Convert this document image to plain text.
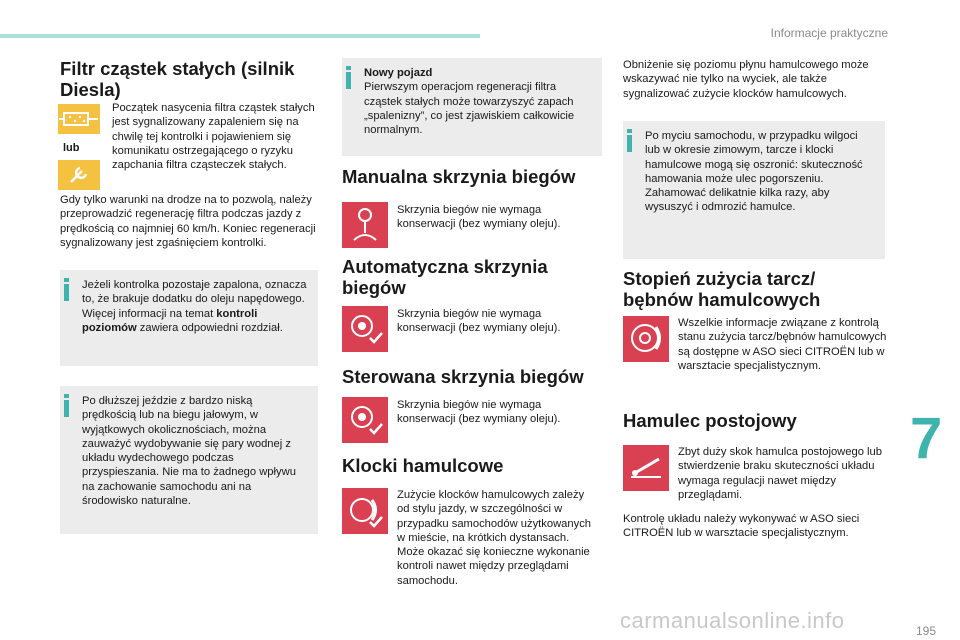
Informacje praktyczne
Filtr cząstek stałych (silnik Diesla)
lub
Początek nasycenia filtra cząstek stałych jest sygnalizowany zapaleniem się na chwilę tej kontrolki i pojawieniem się komunikatu ostrzegającego o ryzyku zapchania filtra cząsteczek stałych.
Gdy tylko warunki na drodze na to pozwolą, należy przeprowadzić regenerację filtra podczas jazdy z prędkością co najmniej 60 km/h. Koniec regeneracji sygnalizowany jest zgaśnięciem kontrolki.
Jeżeli kontrolka pozostaje zapalona, oznacza to, że brakuje dodatku do oleju napędowego.
Więcej informacji na temat kontroli poziomów zawiera odpowiedni rozdział.
Po dłuższej jeździe z bardzo niską prędkością lub na biegu jałowym, w wyjątkowych okolicznościach, można zauważyć wydobywanie się pary wodnej z układu wydechowego podczas przyspieszania. Nie ma to żadnego wpływu na zachowanie samochodu ani na środowisko naturalne.
Nowy pojazd
Pierwszym operacjom regeneracji filtra cząstek stałych może towarzyszyć zapach „spalenizny”, co jest zjawiskiem całkowicie normalnym.
Manualna skrzynia biegów
Skrzynia biegów nie wymaga konserwacji (bez wymiany oleju).
Automatyczna skrzynia biegów
Skrzynia biegów nie wymaga konserwacji (bez wymiany oleju).
Sterowana skrzynia biegów
Skrzynia biegów nie wymaga konserwacji (bez wymiany oleju).
Klocki hamulcowe
Zużycie klocków hamulcowych zależy od stylu jazdy, w szczególności w przypadku samochodów użytkowanych w mieście, na krótkich dystansach. Może okazać się konieczne wykonanie kontroli nawet między przeglądami samochodu.
Obniżenie się poziomu płynu hamulcowego może wskazywać nie tylko na wyciek, ale także sygnalizować zużycie klocków hamulcowych.
Po myciu samochodu, w przypadku wilgoci lub w okresie zimowym, tarcze i klocki hamulcowe mogą się oszronić: skuteczność hamowania może ulec pogorszeniu. Zahamować delikatnie kilka razy, aby wysuszyć i odmrozić hamulce.
Stopień zużycia tarcz/ bębnów hamulcowych
Wszelkie informacje związane z kontrolą stanu zużycia tarcz/bębnów hamulcowych są dostępne w ASO sieci CITROËN lub w warsztacie specjalistycznym.
Hamulec postojowy
Zbyt duży skok hamulca postojowego lub stwierdzenie braku skuteczności układu wymaga regulacji nawet między przeglądami.
Kontrolę układu należy wykonywać w ASO sieci CITROËN lub w warsztacie specjalistycznym.
7
carmanualsonline.info	195
